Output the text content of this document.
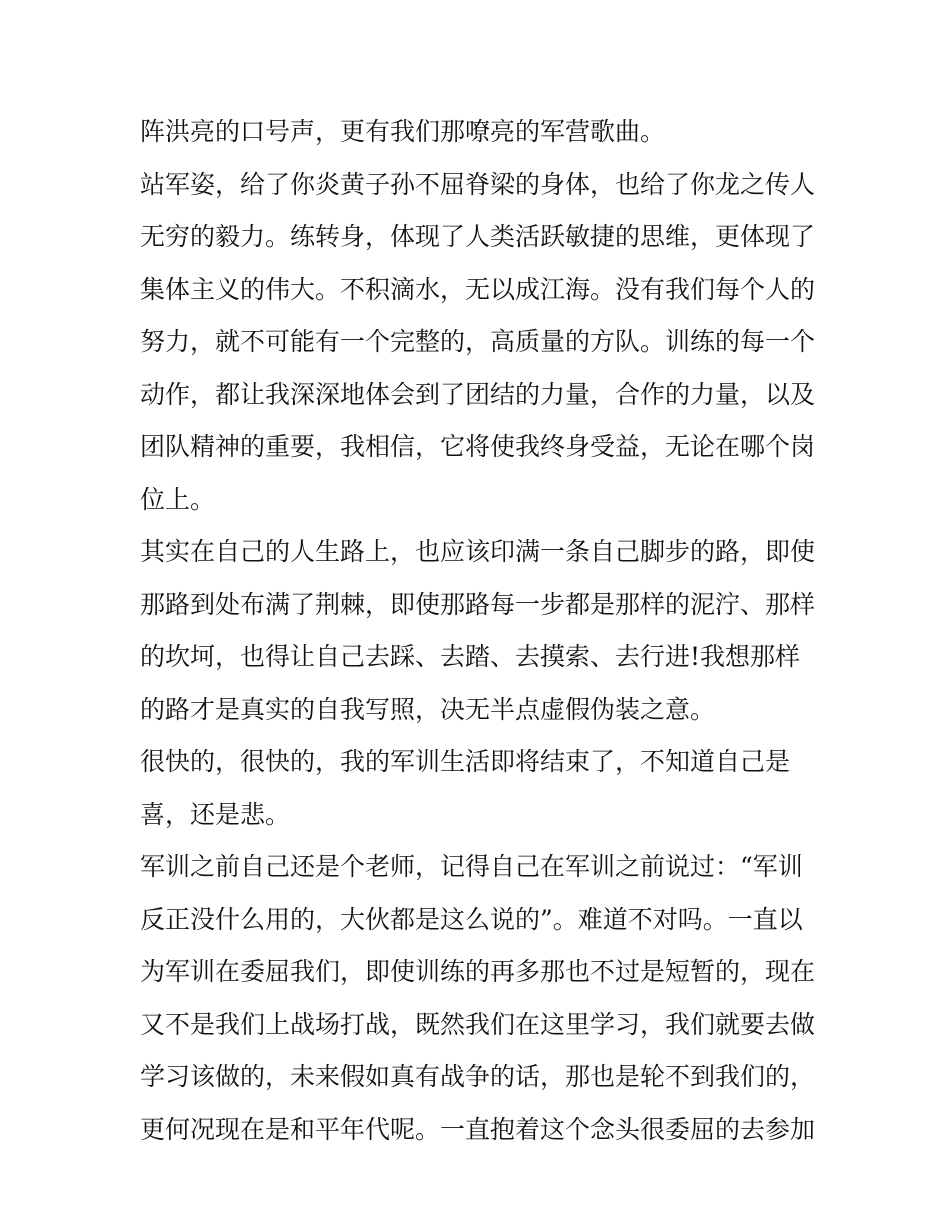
阵洪亮的口号声，更有我们那嘹亮的军营歌曲。
站军姿，给了你炎黄子孙不屈脊梁的身体，也给了你龙之传人
无穷的毅力。练转身，体现了人类活跃敏捷的思维，更体现了
集体主义的伟大。不积滴水，无以成江海。没有我们每个人的
努力，就不可能有一个完整的，高质量的方队。训练的每一个
动作，都让我深深地体会到了团结的力量，合作的力量，以及
团队精神的重要，我相信，它将使我终身受益，无论在哪个岗
位上。
其实在自己的人生路上，也应该印满一条自己脚步的路，即使
那路到处布满了荆棘，即使那路每一步都是那样的泥泞、那样
的坎坷，也得让自己去踩、去踏、去摸索、去行进!我想那样
的路才是真实的自我写照，决无半点虚假伪装之意。
很快的，很快的，我的军训生活即将结束了，不知道自己是
喜，还是悲。
军训之前自己还是个老师，记得自己在军训之前说过：“军训
反正没什么用的，大伙都是这么说的”。难道不对吗。一直以
为军训在委屈我们，即使训练的再多那也不过是短暂的，现在
又不是我们上战场打战，既然我们在这里学习，我们就要去做
学习该做的，未来假如真有战争的话，那也是轮不到我们的，
更何况现在是和平年代呢。一直抱着这个念头很委屈的去参加
